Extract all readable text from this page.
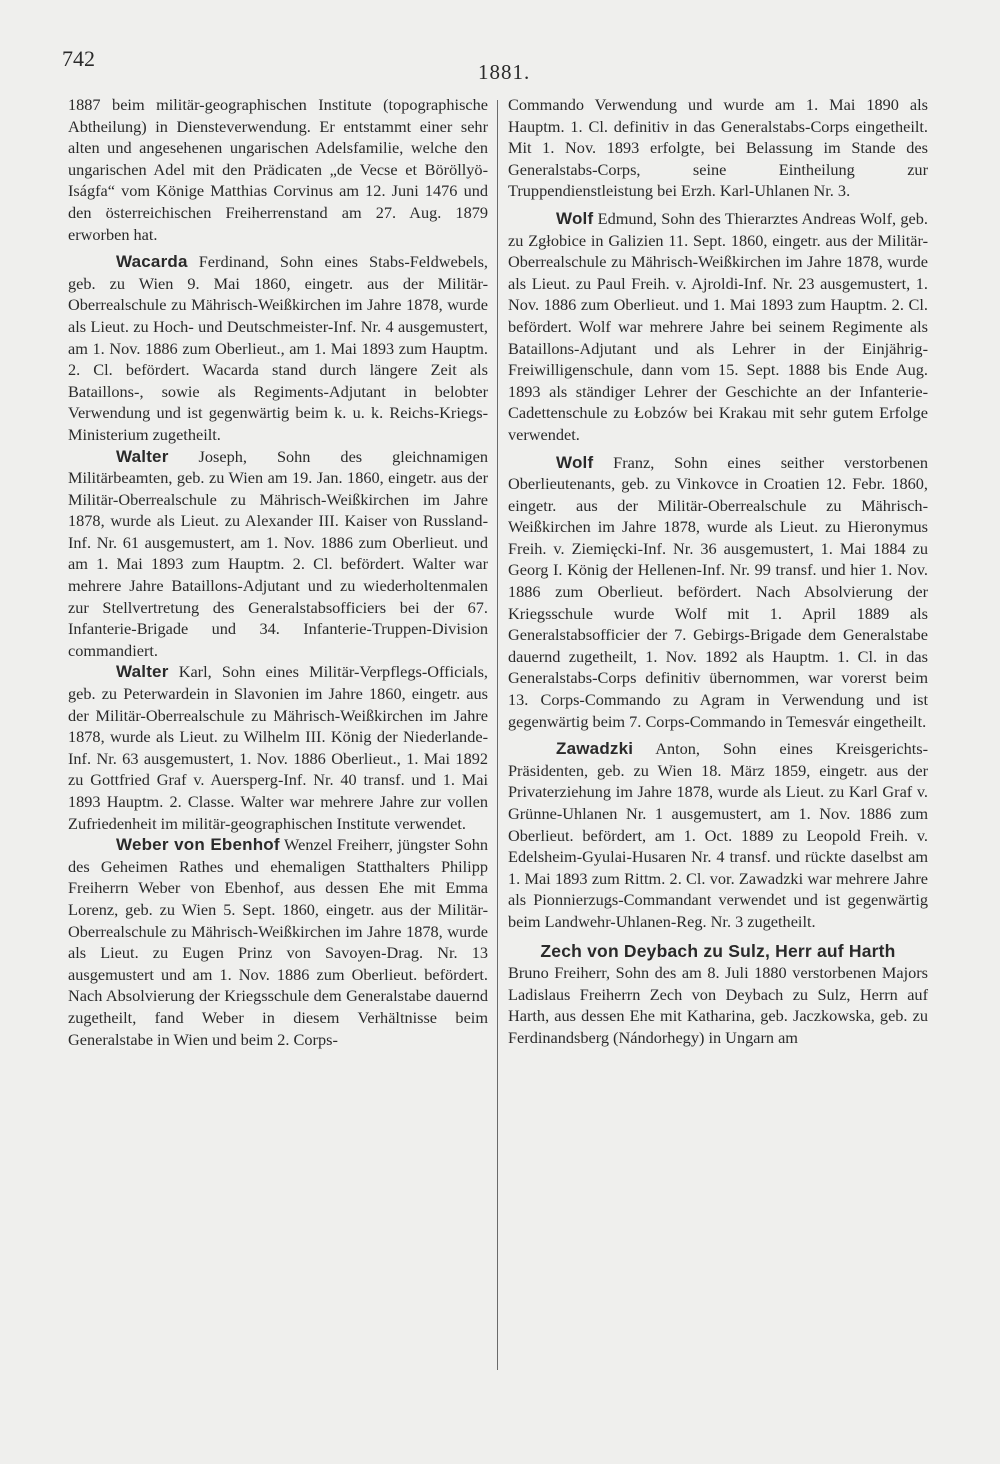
742
1881.

1887 beim militär-geographischen Institute (topographische Abtheilung) in Diensteverwendung. Er entstammt einer sehr alten und angesehenen ungarischen Adelsfamilie, welche den ungarischen Adel mit den Prädicaten „de Vecse et Böröllyö-Iságfa“ vom Könige Matthias Corvinus am 12. Juni 1476 und den österreichischen Freiherrenstand am 27. Aug. 1879 erworben hat.

Wacarda Ferdinand, Sohn eines Stabs-Feldwebels, geb. zu Wien 9. Mai 1860, eingetr. aus der Militär-Oberrealschule zu Mährisch-Weißkirchen im Jahre 1878, wurde als Lieut. zu Hoch- und Deutschmeister-Inf. Nr. 4 ausgemustert, am 1. Nov. 1886 zum Oberlieut., am 1. Mai 1893 zum Hauptm. 2. Cl. befördert. Wacarda stand durch längere Zeit als Bataillons-, sowie als Regiments-Adjutant in belobter Verwendung und ist gegenwärtig beim k. u. k. Reichs-Kriegs-Ministerium zugetheilt.

Walter Joseph, Sohn des gleichnamigen Militärbeamten, geb. zu Wien am 19. Jan. 1860, eingetr. aus der Militär-Oberrealschule zu Mährisch-Weißkirchen im Jahre 1878, wurde als Lieut. zu Alexander III. Kaiser von Russland-Inf. Nr. 61 ausgemustert, am 1. Nov. 1886 zum Oberlieut. und am 1. Mai 1893 zum Hauptm. 2. Cl. befördert. Walter war mehrere Jahre Bataillons-Adjutant und zu wiederholtenmalen zur Stellvertretung des Generalstabsofficiers bei der 67. Infanterie-Brigade und 34. Infanterie-Truppen-Division commandiert.

Walter Karl, Sohn eines Militär-Verpflegs-Officials, geb. zu Peterwardein in Slavonien im Jahre 1860, eingetr. aus der Militär-Oberrealschule zu Mährisch-Weißkirchen im Jahre 1878, wurde als Lieut. zu Wilhelm III. König der Niederlande-Inf. Nr. 63 ausgemustert, 1. Nov. 1886 Oberlieut., 1. Mai 1892 zu Gottfried Graf v. Auersperg-Inf. Nr. 40 transf. und 1. Mai 1893 Hauptm. 2. Classe. Walter war mehrere Jahre zur vollen Zufriedenheit im militär-geographischen Institute verwendet.

Weber von Ebenhof Wenzel Freiherr, jüngster Sohn des Geheimen Rathes und ehemaligen Statthalters Philipp Freiherrn Weber von Ebenhof, aus dessen Ehe mit Emma Lorenz, geb. zu Wien 5. Sept. 1860, eingetr. aus der Militär-Oberrealschule zu Mährisch-Weißkirchen im Jahre 1878, wurde als Lieut. zu Eugen Prinz von Savoyen-Drag. Nr. 13 ausgemustert und am 1. Nov. 1886 zum Oberlieut. befördert. Nach Absolvierung der Kriegsschule dem Generalstabe dauernd zugetheilt, fand Weber in diesem Verhältnisse beim Generalstabe in Wien und beim 2. Corps-

Commando Verwendung und wurde am 1. Mai 1890 als Hauptm. 1. Cl. definitiv in das Generalstabs-Corps eingetheilt. Mit 1. Nov. 1893 erfolgte, bei Belassung im Stande des Generalstabs-Corps, seine Eintheilung zur Truppendienstleistung bei Erzh. Karl-Uhlanen Nr. 3.

Wolf Edmund, Sohn des Thierarztes Andreas Wolf, geb. zu Zgłobice in Galizien 11. Sept. 1860, eingetr. aus der Militär-Oberrealschule zu Mährisch-Weißkirchen im Jahre 1878, wurde als Lieut. zu Paul Freih. v. Ajroldi-Inf. Nr. 23 ausgemustert, 1. Nov. 1886 zum Oberlieut. und 1. Mai 1893 zum Hauptm. 2. Cl. befördert. Wolf war mehrere Jahre bei seinem Regimente als Bataillons-Adjutant und als Lehrer in der Einjährig-Freiwilligenschule, dann vom 15. Sept. 1888 bis Ende Aug. 1893 als ständiger Lehrer der Geschichte an der Infanterie-Cadettenschule zu Łobzów bei Krakau mit sehr gutem Erfolge verwendet.

Wolf Franz, Sohn eines seither verstorbenen Oberlieutenants, geb. zu Vinkovce in Croatien 12. Febr. 1860, eingetr. aus der Militär-Oberrealschule zu Mährisch-Weißkirchen im Jahre 1878, wurde als Lieut. zu Hieronymus Freih. v. Ziemięcki-Inf. Nr. 36 ausgemustert, 1. Mai 1884 zu Georg I. König der Hellenen-Inf. Nr. 99 transf. und hier 1. Nov. 1886 zum Oberlieut. befördert. Nach Absolvierung der Kriegsschule wurde Wolf mit 1. April 1889 als Generalstabsofficier der 7. Gebirgs-Brigade dem Generalstabe dauernd zugetheilt, 1. Nov. 1892 als Hauptm. 1. Cl. in das Generalstabs-Corps definitiv übernommen, war vorerst beim 13. Corps-Commando zu Agram in Verwendung und ist gegenwärtig beim 7. Corps-Commando in Temesvár eingetheilt.

Zawadzki Anton, Sohn eines Kreisgerichts-Präsidenten, geb. zu Wien 18. März 1859, eingetr. aus der Privaterziehung im Jahre 1878, wurde als Lieut. zu Karl Graf v. Grünne-Uhlanen Nr. 1 ausgemustert, am 1. Nov. 1886 zum Oberlieut. befördert, am 1. Oct. 1889 zu Leopold Freih. v. Edelsheim-Gyulai-Husaren Nr. 4 transf. und rückte daselbst am 1. Mai 1893 zum Rittm. 2. Cl. vor. Zawadzki war mehrere Jahre als Pionnierzugs-Commandant verwendet und ist gegenwärtig beim Landwehr-Uhlanen-Reg. Nr. 3 zugetheilt.

Zech von Deybach zu Sulz, Herr auf Harth

Bruno Freiherr, Sohn des am 8. Juli 1880 verstorbenen Majors Ladislaus Freiherrn Zech von Deybach zu Sulz, Herrn auf Harth, aus dessen Ehe mit Katharina, geb. Jaczkowska, geb. zu Ferdinandsberg (Nándorhegy) in Ungarn am
